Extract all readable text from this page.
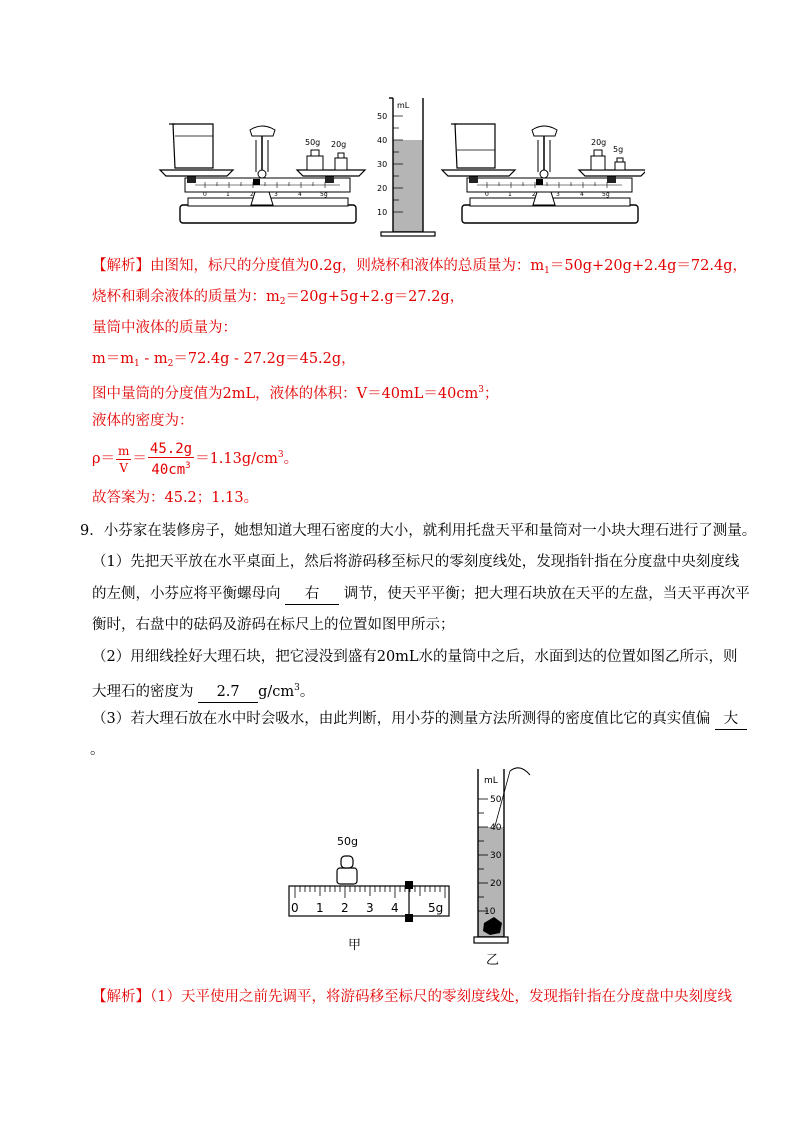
0	1	2	3	4	5g
50g 20g
mL
50
40
30
20
10
0	1	2	3	4	5g
20g
5g
【解析】由图知，标尺的分度值为0.2g，则烧杯和液体的总质量为：$m_1=50g+20g+2.4g=72.4g$，
烧杯和剩余液体的质量为：$m_2=20g+5g+2.g=27.2g$，
量筒中液体的质量为：
$m=m_1 - m_2=72.4g - 27.2g=45.2g$，
图中量筒的分度值为2mL，液体的体积：$V=40mL=40cm^3$；
液体的密度为：
$\rho= \frac{m}{V} = \frac{45.2g}{40cm^3} =1.13g/cm^3$。
故答案为：45.2；1.13。
9．小芬家在装修房子，她想知道大理石密度的大小，就利用托盘天平和量筒对一小块大理石进行了测量。
（1）先把天平放在水平桌面上，然后将游码移至标尺的零刻度线处，发现指针指在分度盘中央刻度线
的左侧，小芬应将平衡螺母向 右 调节，使天平平衡；把大理石块放在天平的左盘，当天平再次平
衡时，右盘中的砝码及游码在标尺上的位置如图甲所示；
（2）用细线拴好大理石块，把它浸没到盛有20mL水的量筒中之后，水面到达的位置如图乙所示，则
大理石的密度为 2.7 $g/cm^3$。
（3）若大理石放在水中时会吸水，由此判断，用小芬的测量方法所测得的密度值比它的真实值偏 大
。
50g
0 1 2 3 4 5g
甲
mL
50
40
30
20
10
乙
【解析】（1）天平使用之前先调平，将游码移至标尺的零刻度线处，发现指针指在分度盘中央刻度线
